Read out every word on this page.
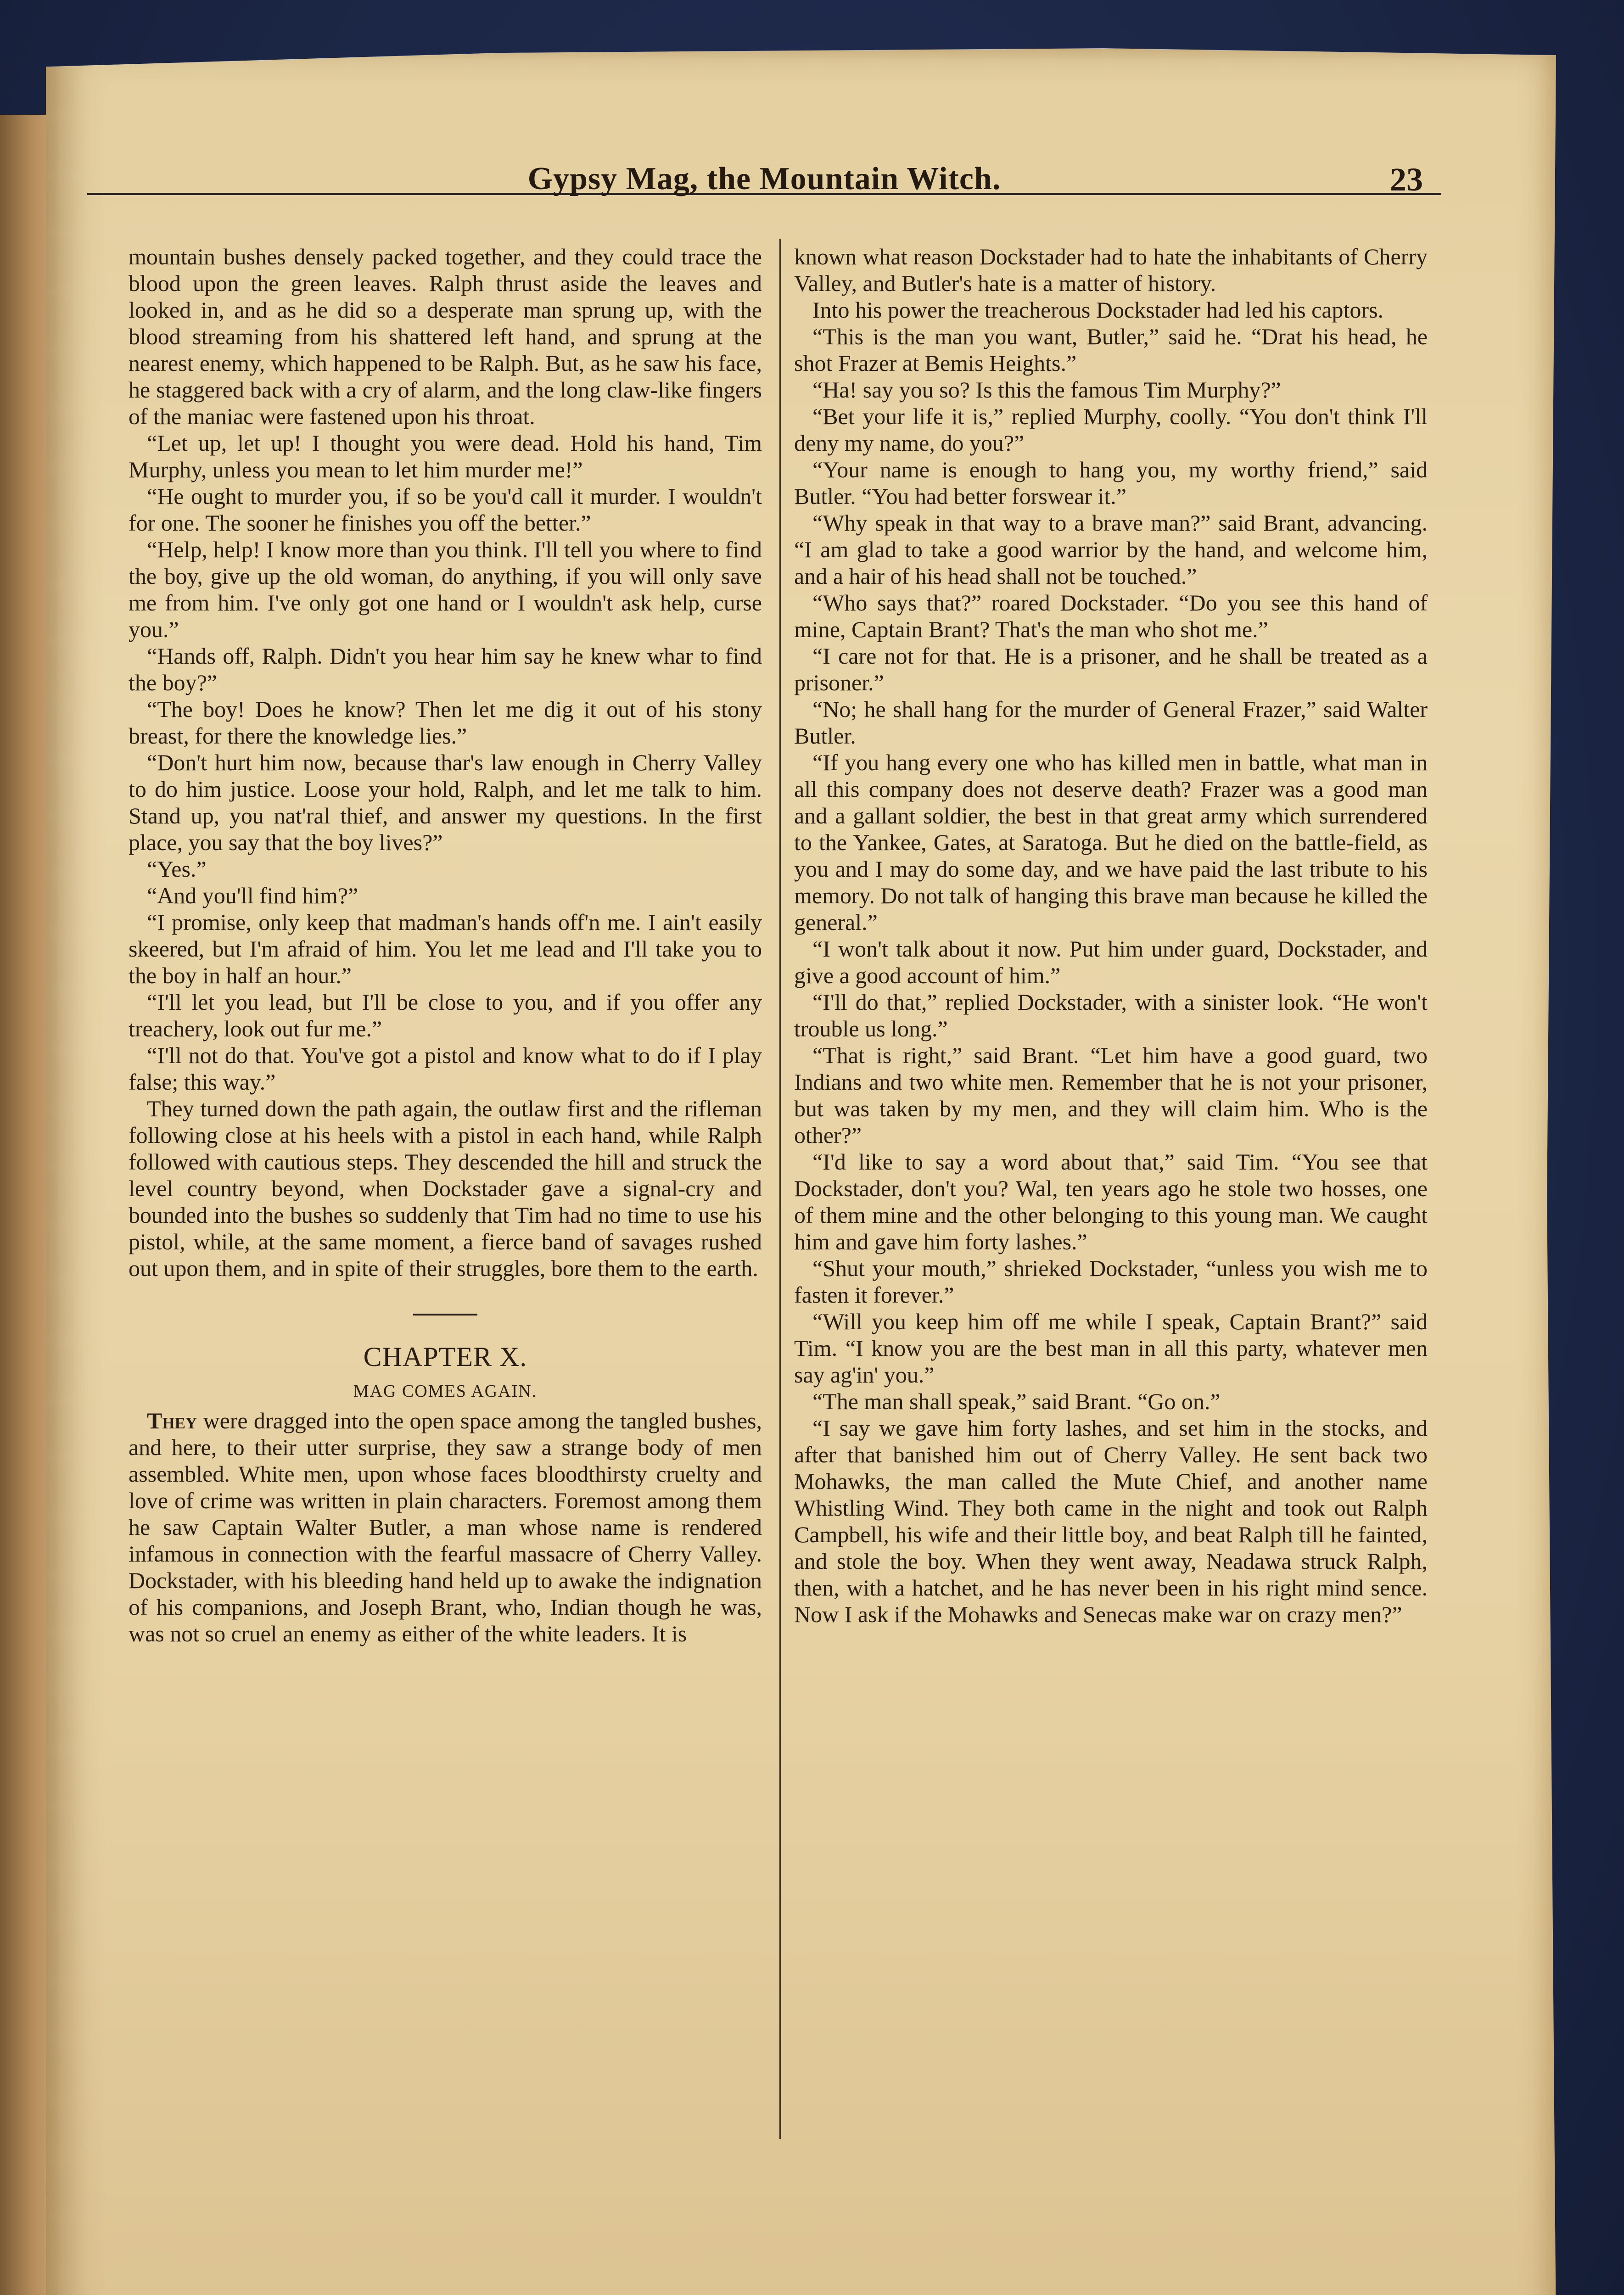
Gypsy Mag, the Mountain Witch.	23

mountain bushes densely packed together, and they could trace the blood upon the green leaves. Ralph thrust aside the leaves and looked in, and as he did so a desperate man sprung up, with the blood streaming from his shattered left hand, and sprung at the nearest enemy, which happened to be Ralph. But, as he saw his face, he staggered back with a cry of alarm, and the long claw-like fingers of the maniac were fastened upon his throat.

“Let up, let up! I thought you were dead. Hold his hand, Tim Murphy, unless you mean to let him murder me!”

“He ought to murder you, if so be you'd call it murder. I wouldn't for one. The sooner he finishes you off the better.”

“Help, help! I know more than you think. I'll tell you where to find the boy, give up the old woman, do anything, if you will only save me from him. I've only got one hand or I wouldn't ask help, curse you.”

“Hands off, Ralph. Didn't you hear him say he knew whar to find the boy?”

“The boy! Does he know? Then let me dig it out of his stony breast, for there the knowledge lies.”

“Don't hurt him now, because thar's law enough in Cherry Valley to do him justice. Loose your hold, Ralph, and let me talk to him. Stand up, you nat'ral thief, and answer my questions. In the first place, you say that the boy lives?”

“Yes.”

“And you'll find him?”

“I promise, only keep that madman's hands off'n me. I ain't easily skeered, but I'm afraid of him. You let me lead and I'll take you to the boy in half an hour.”

“I'll let you lead, but I'll be close to you, and if you offer any treachery, look out fur me.”

“I'll not do that. You've got a pistol and know what to do if I play false; this way.”

They turned down the path again, the outlaw first and the rifleman following close at his heels with a pistol in each hand, while Ralph followed with cautious steps. They descended the hill and struck the level country beyond, when Dockstader gave a signal-cry and bounded into the bushes so suddenly that Tim had no time to use his pistol, while, at the same moment, a fierce band of savages rushed out upon them, and in spite of their struggles, bore them to the earth.

CHAPTER X.

MAG COMES AGAIN.

They were dragged into the open space among the tangled bushes, and here, to their utter surprise, they saw a strange body of men assembled. White men, upon whose faces bloodthirsty cruelty and love of crime was written in plain characters. Foremost among them he saw Captain Walter Butler, a man whose name is rendered infamous in connection with the fearful massacre of Cherry Valley. Dockstader, with his bleeding hand held up to awake the indignation of his companions, and Joseph Brant, who, Indian though he was, was not so cruel an enemy as either of the white leaders. It is

known what reason Dockstader had to hate the inhabitants of Cherry Valley, and Butler's hate is a matter of history.

Into his power the treacherous Dockstader had led his captors.

“This is the man you want, Butler,” said he. “Drat his head, he shot Frazer at Bemis Heights.”

“Ha! say you so? Is this the famous Tim Murphy?”

“Bet your life it is,” replied Murphy, coolly. “You don't think I'll deny my name, do you?”

“Your name is enough to hang you, my worthy friend,” said Butler. “You had better forswear it.”

“Why speak in that way to a brave man?” said Brant, advancing. “I am glad to take a good warrior by the hand, and welcome him, and a hair of his head shall not be touched.”

“Who says that?” roared Dockstader. “Do you see this hand of mine, Captain Brant? That's the man who shot me.”

“I care not for that. He is a prisoner, and he shall be treated as a prisoner.”

“No; he shall hang for the murder of General Frazer,” said Walter Butler.

“If you hang every one who has killed men in battle, what man in all this company does not deserve death? Frazer was a good man and a gallant soldier, the best in that great army which surrendered to the Yankee, Gates, at Saratoga. But he died on the battle-field, as you and I may do some day, and we have paid the last tribute to his memory. Do not talk of hanging this brave man because he killed the general.”

“I won't talk about it now. Put him under guard, Dockstader, and give a good account of him.”

“I'll do that,” replied Dockstader, with a sinister look. “He won't trouble us long.”

“That is right,” said Brant. “Let him have a good guard, two Indians and two white men. Remember that he is not your prisoner, but was taken by my men, and they will claim him. Who is the other?”

“I'd like to say a word about that,” said Tim. “You see that Dockstader, don't you? Wal, ten years ago he stole two hosses, one of them mine and the other belonging to this young man. We caught him and gave him forty lashes.”

“Shut your mouth,” shrieked Dockstader, “unless you wish me to fasten it forever.”

“Will you keep him off me while I speak, Captain Brant?” said Tim. “I know you are the best man in all this party, whatever men say ag'in' you.”

“The man shall speak,” said Brant. “Go on.”

“I say we gave him forty lashes, and set him in the stocks, and after that banished him out of Cherry Valley. He sent back two Mohawks, the man called the Mute Chief, and another name Whistling Wind. They both came in the night and took out Ralph Campbell, his wife and their little boy, and beat Ralph till he fainted, and stole the boy. When they went away, Neadawa struck Ralph, then, with a hatchet, and he has never been in his right mind sence. Now I ask if the Mohawks and Senecas make war on crazy men?”
